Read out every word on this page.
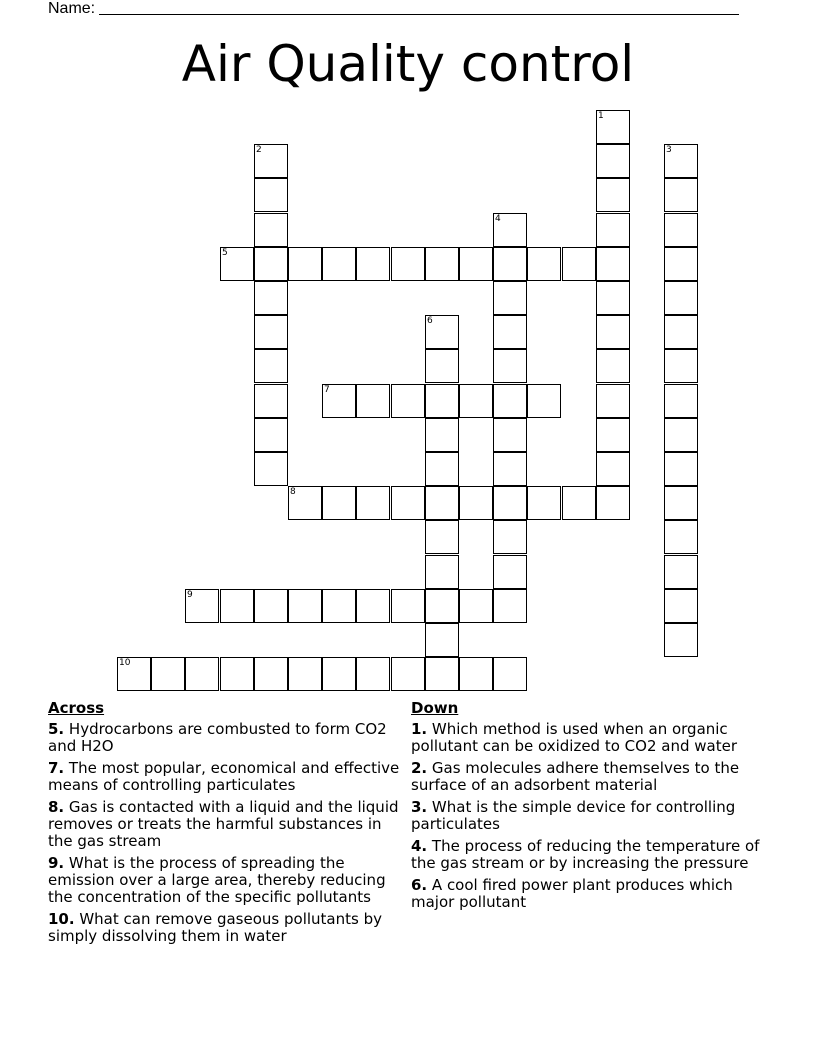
Name:
Air Quality control
1
2	3
4
5
6
7
8
9
10
Across
5. Hydrocarbons are combusted to form CO2 and H2O
7. The most popular, economical and effective means of controlling particulates
8. Gas is contacted with a liquid and the liquid removes or treats the harmful substances in the gas stream
9. What is the process of spreading the emission over a large area, thereby reducing the concentration of the specific pollutants
10. What can remove gaseous pollutants by simply dissolving them in water
Down
1. Which method is used when an organic pollutant can be oxidized to CO2 and water
2. Gas molecules adhere themselves to the surface of an adsorbent material
3. What is the simple device for controlling particulates
4. The process of reducing the temperature of the gas stream or by increasing the pressure
6. A cool fired power plant produces which major pollutant
